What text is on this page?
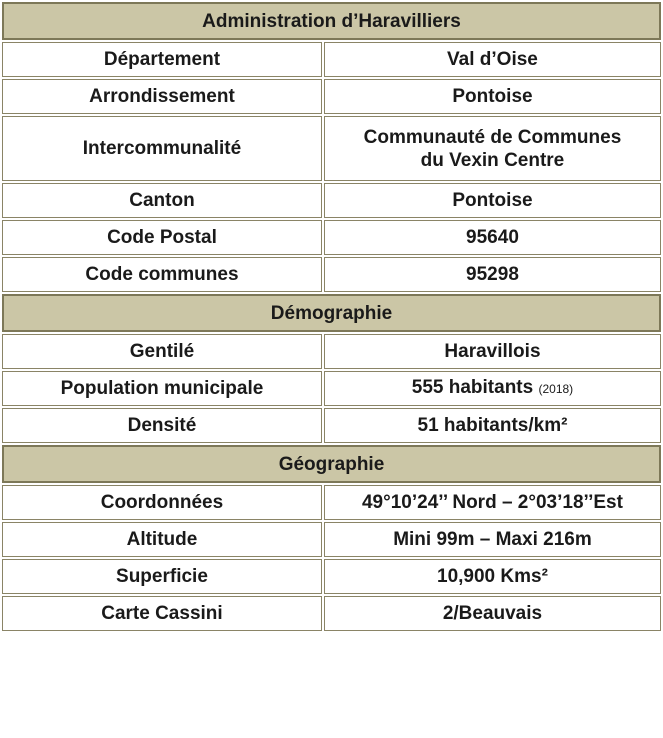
Administration d’Haravilliers	
Département	Val d’Oise
Arrondissement	Pontoise
Intercommunalité	Communauté de Communes
du Vexin Centre
Canton	Pontoise
Code Postal	95640
Code communes	95298
Démographie	
Gentilé	Haravillois
Population municipale	555 habitants (2018)
Densité	51 habitants/km²
Géographie	
Coordonnées	49°10’24’’ Nord – 2°03’18’’Est
Altitude	Mini 99m – Maxi 216m
Superficie	10,900 Kms²
Carte Cassini	2/Beauvais
